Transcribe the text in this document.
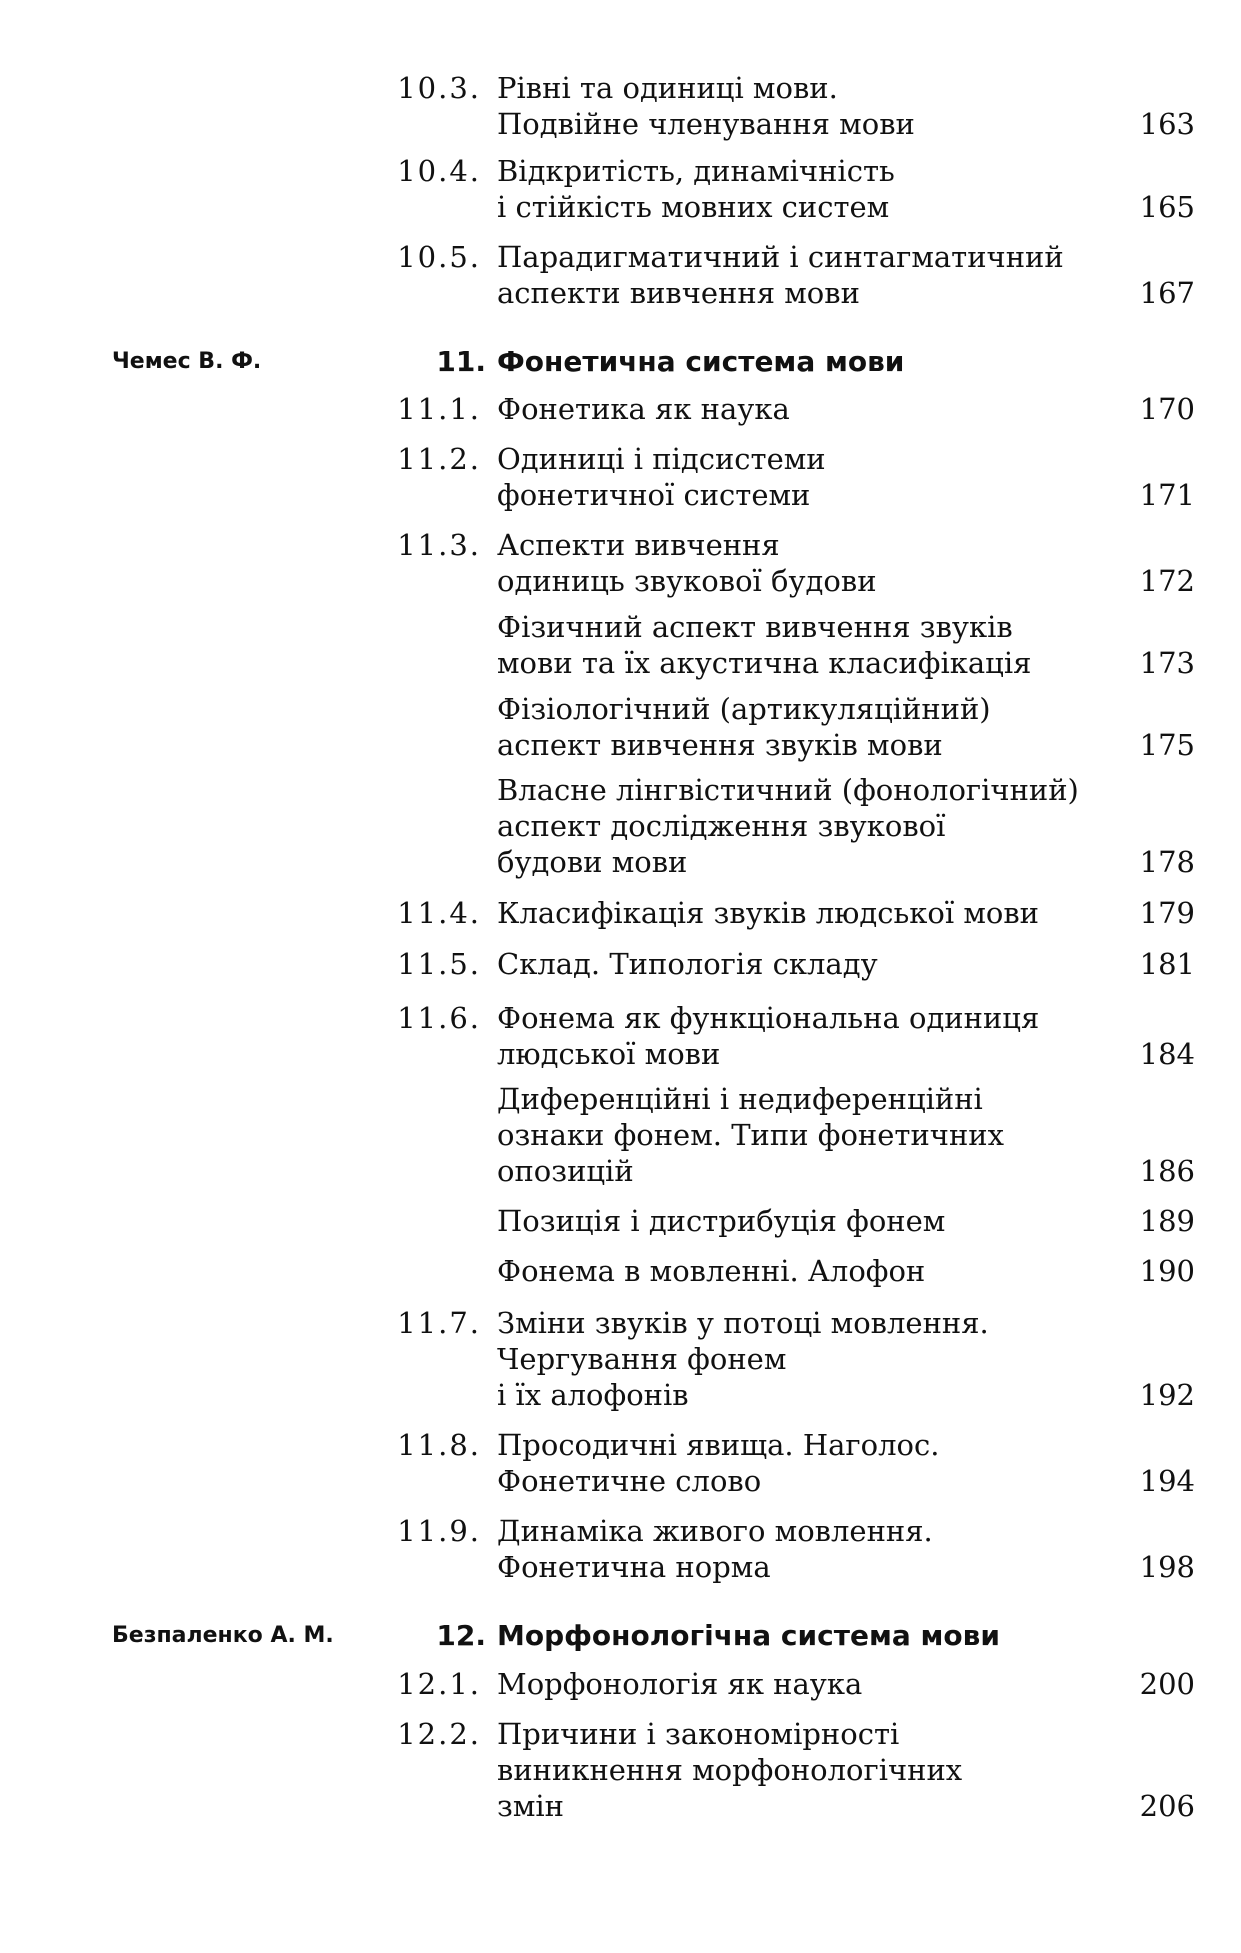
10.3. Рівні та одиниці мови.
Подвійне членування мови	163
10.4. Відкритість, динамічність
і стійкість мовних систем	165
10.5. Парадигматичний і синтагматичний
аспекти вивчення мови	167
Чемес В. Ф.	11. Фонетична система мови
11.1. Фонетика як наука	170
11.2. Одиниці і підсистеми
фонетичної системи	171
11.3. Аспекти вивчення
одиниць звукової будови	172
Фізичний аспект вивчення звуків
мови та їх акустична класифікація	173
Фізіологічний (артикуляційний)
аспект вивчення звуків мови	175
Власне лінгвістичний (фонологічний)
аспект дослідження звукової
будови мови	178
11.4. Класифікація звуків людської мови	179
11.5. Склад. Типологія складу	181
11.6. Фонема як функціональна одиниця
людської мови	184
Диференційні і недиференційні
ознаки фонем. Типи фонетичних
опозицій	186
Позиція і дистрибуція фонем	189
Фонема в мовленні. Алофон	190
11.7. Зміни звуків у потоці мовлення.
Чергування фонем
і їх алофонів	192
11.8. Просодичні явища. Наголос.
Фонетичне слово	194
11.9. Динаміка живого мовлення.
Фонетична норма	198
Безпаленко А. М.	12. Морфонологічна система мови
12.1. Морфонологія як наука	200
12.2. Причини і закономірності
виникнення морфонологічних
змін	206
